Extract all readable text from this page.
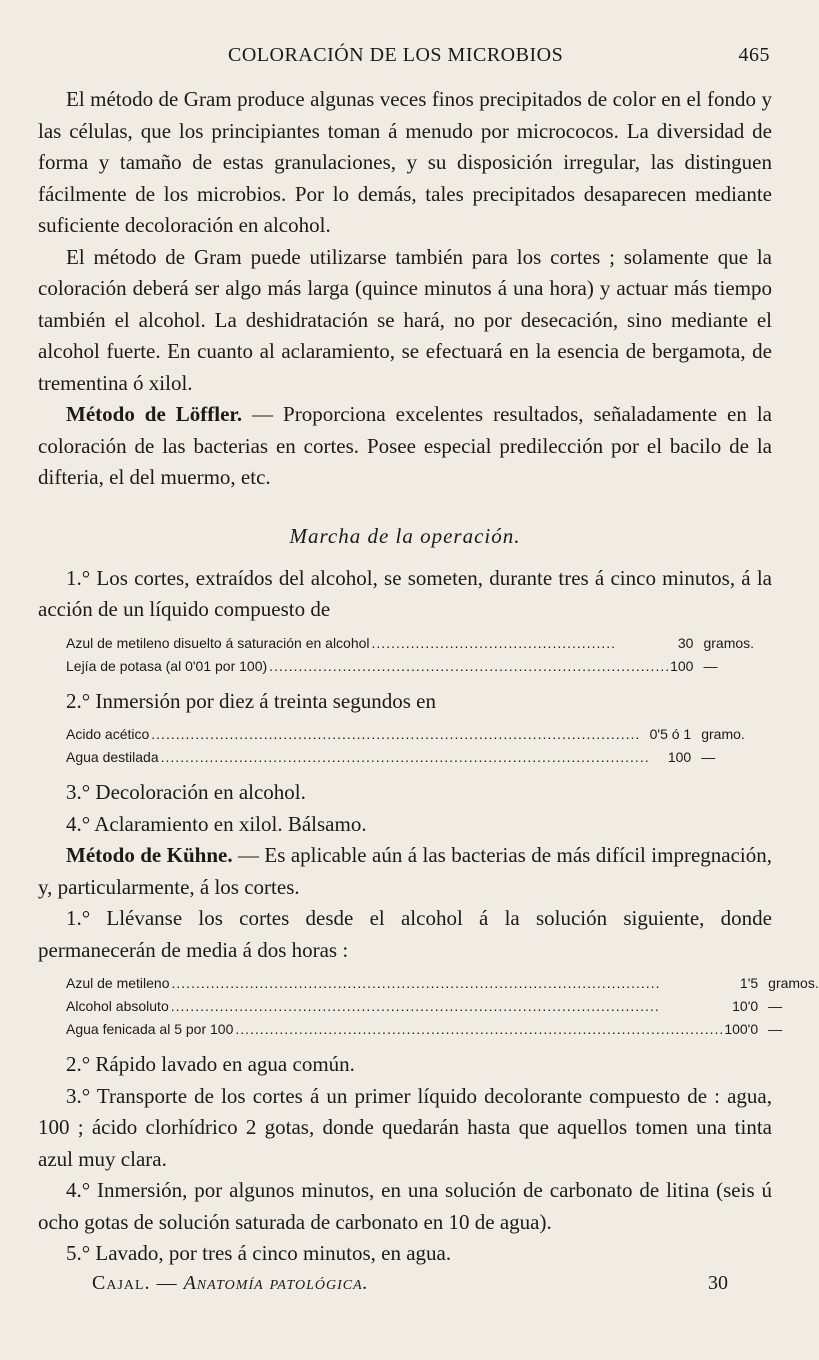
COLORACIÓN DE LOS MICROBIOS	465

El método de Gram produce algunas veces finos precipitados de color en el fondo y las células, que los principiantes toman á menudo por micrococos. La diversidad de forma y tamaño de estas granulaciones, y su disposición irregular, las distinguen fácilmente de los microbios. Por lo demás, tales precipitados desaparecen mediante suficiente decoloración en alcohol.

El método de Gram puede utilizarse también para los cortes ; solamente que la coloración deberá ser algo más larga (quince minutos á una hora) y actuar más tiempo también el alcohol. La deshidratación se hará, no por desecación, sino mediante el alcohol fuerte. En cuanto al aclaramiento, se efectuará en la esencia de bergamota, de trementina ó xilol.

Método de Löffler. — Proporciona excelentes resultados, señaladamente en la coloración de las bacterias en cortes. Posee especial predilección por el bacilo de la difteria, el del muermo, etc.

Marcha de la operación.

1.° Los cortes, extraídos del alcohol, se someten, durante tres á cinco minutos, á la acción de un líquido compuesto de

Azul de metileno disuelto á saturación en alcohol ..................................................	30	gramos.
Lejía de potasa (al 0'01 por 100) ..................................................................................	100	—

2.° Inmersión por diez á treinta segundos en

Acido acético ....................................................................................................	0'5 ó 1	gramo.
Agua destilada ....................................................................................................	100	—

3.° Decoloración en alcohol.

4.° Aclaramiento en xilol. Bálsamo.

Método de Kühne. — Es aplicable aún á las bacterias de más difícil impregnación, y, particularmente, á los cortes.

1.° Llévanse los cortes desde el alcohol á la solución siguiente, donde permanecerán de media á dos horas :

Azul de metileno ....................................................................................................	1'5	gramos.
Alcohol absoluto ....................................................................................................	10'0	—
Agua fenicada al 5 por 100 ....................................................................................................	100'0	—

2.° Rápido lavado en agua común.

3.° Transporte de los cortes á un primer líquido decolorante compuesto de : agua, 100 ; ácido clorhídrico 2 gotas, donde quedarán hasta que aquellos tomen una tinta azul muy clara.

4.° Inmersión, por algunos minutos, en una solución de carbonato de litina (seis ú ocho gotas de solución saturada de carbonato en 10 de agua).

5.° Lavado, por tres á cinco minutos, en agua.

Cajal. — Anatomía patológica.	30
